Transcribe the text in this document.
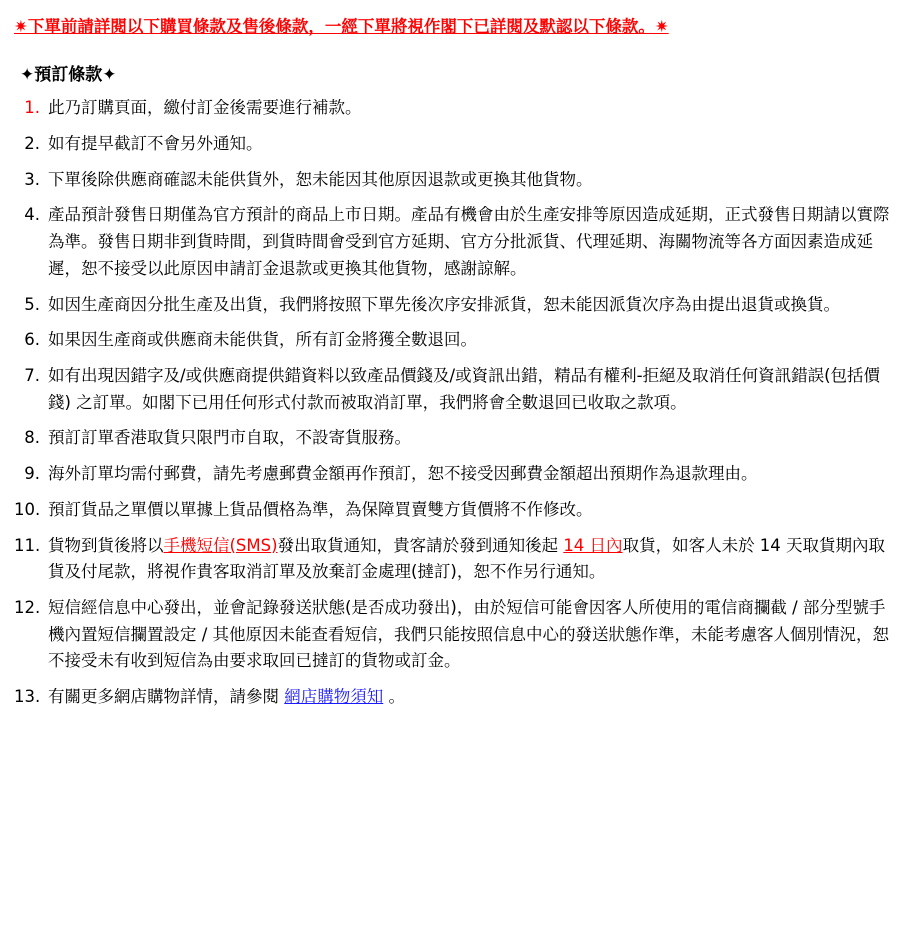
✷下單前請詳閱以下購買條款及售後條款，一經下單將視作閣下已詳閱及默認以下條款。✷
✦預訂條款✦
1. 此乃訂購頁面，繳付訂金後需要進行補款。
2. 如有提早截訂不會另外通知。
3. 下單後除供應商確認未能供貨外，恕未能因其他原因退款或更換其他貨物。
4. 產品預計發售日期僅為官方預計的商品上市日期。產品有機會由於生產安排等原因造成延期，正式發售日期請以實際為準。發售日期非到貨時間，到貨時間會受到官方延期、官方分批派貨、代理延期、海關物流等各方面因素造成延遲，恕不接受以此原因申請訂金退款或更換其他貨物，感謝諒解。
5. 如因生產商因分批生產及出貨，我們將按照下單先後次序安排派貨，恕未能因派貨次序為由提出退貨或換貨。
6. 如果因生產商或供應商未能供貨，所有訂金將獲全數退回。
7. 如有出現因錯字及/或供應商提供錯資料以致產品價錢及/或資訊出錯，精品有權利-拒絕及取消任何資訊錯誤(包括價錢) 之訂單。如閣下已用任何形式付款而被取消訂單，我們將會全數退回已收取之款項。
8. 預訂訂單香港取貨只限門市自取，不設寄貨服務。
9. 海外訂單均需付郵費，請先考慮郵費金額再作預訂，恕不接受因郵費金額超出預期作為退款理由。
10. 預訂貨品之單價以單據上貨品價格為準，為保障買賣雙方貨價將不作修改。
11. 貨物到貨後將以手機短信(SMS)發出取貨通知，貴客請於發到通知後起 14 日內取貨，如客人未於 14 天取貨期內取貨及付尾款，將視作貴客取消訂單及放棄訂金處理(撻訂)，恕不作另行通知。
12. 短信經信息中心發出，並會記錄發送狀態(是否成功發出)，由於短信可能會因客人所使用的電信商攔截 / 部分型號手機內置短信攔置設定 / 其他原因未能查看短信，我們只能按照信息中心的發送狀態作準，未能考慮客人個別情況，恕不接受未有收到短信為由要求取回已撻訂的貨物或訂金。
13. 有關更多網店購物詳情，請參閱 網店購物須知 。
